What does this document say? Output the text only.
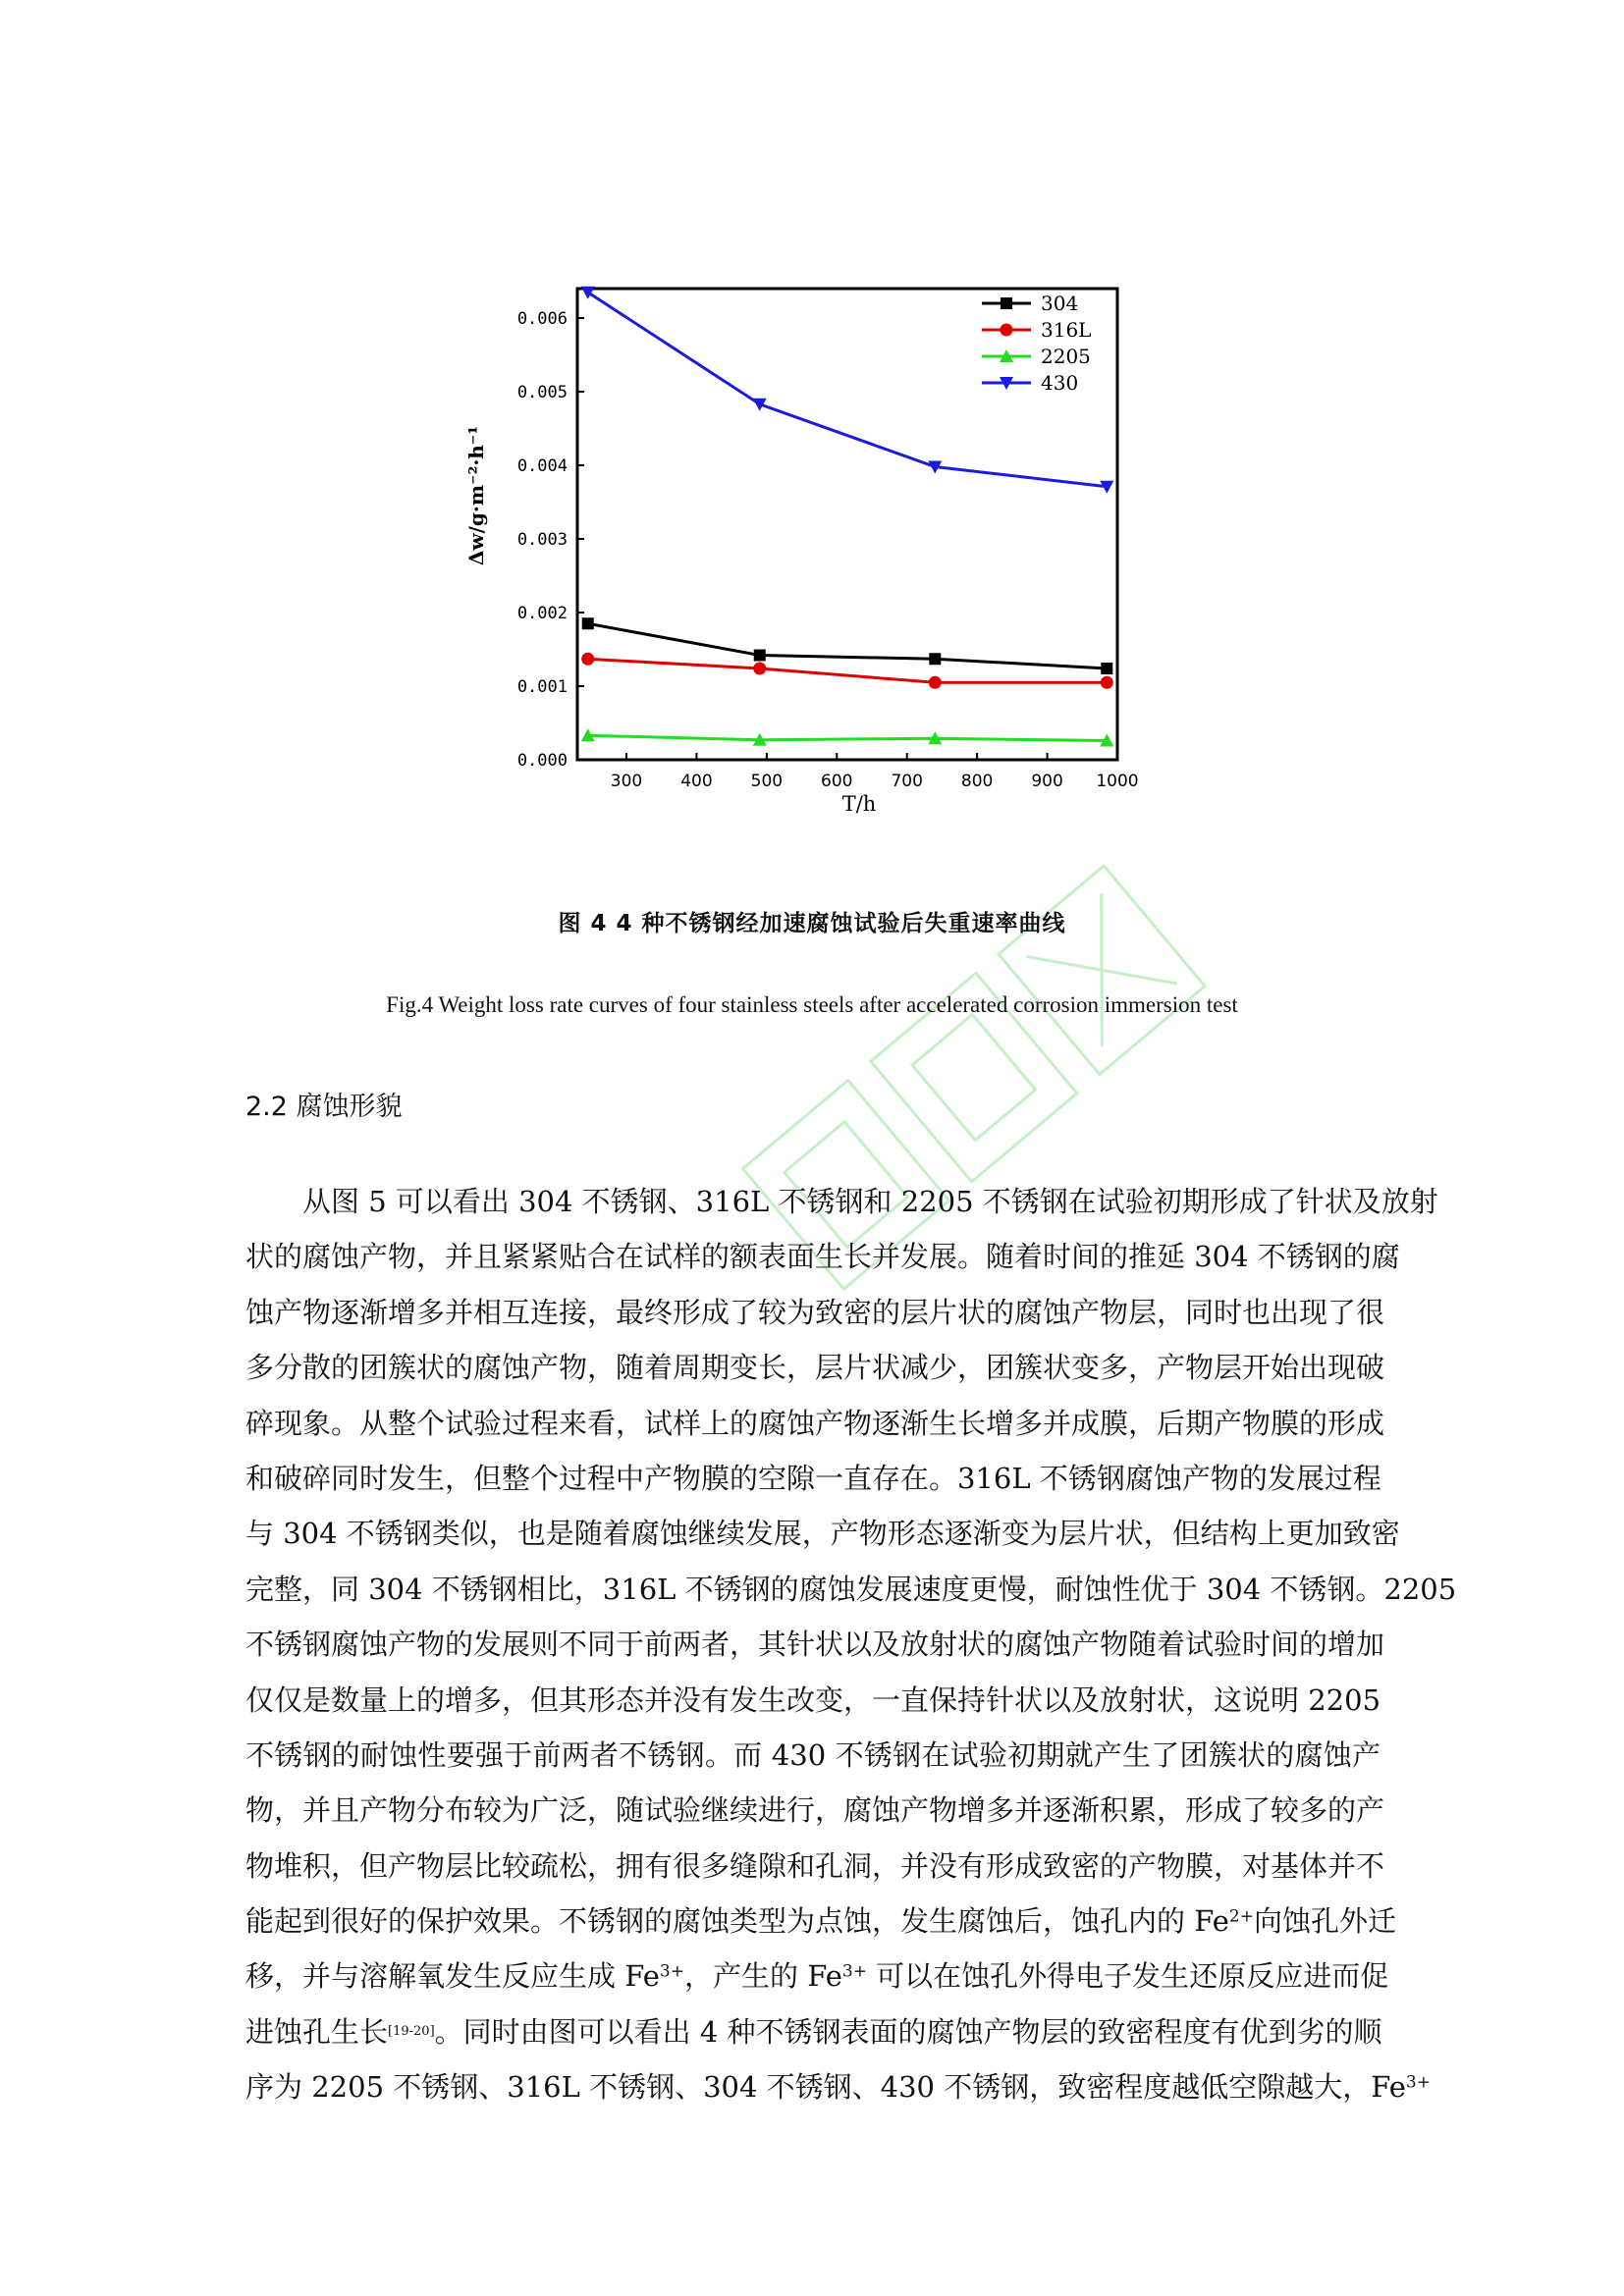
Δw/g·m⁻²·h⁻¹
300 400 500 600 700 800 900 1000
0.000
0.001
0.002
0.003
0.004
0.005
0.006
304
316L
2205
430
T/h
图 4 4 种不锈钢经加速腐蚀试验后失重速率曲线
Fig.4 Weight loss rate curves of four stainless steels after accelerated corrosion immersion test
2.2 腐蚀形貌
从图 5 可以看出 304 不锈钢、316L 不锈钢和 2205 不锈钢在试验初期形成了针状及放射
状的腐蚀产物，并且紧紧贴合在试样的额表面生长并发展。随着时间的推延 304 不锈钢的腐
蚀产物逐渐增多并相互连接，最终形成了较为致密的层片状的腐蚀产物层，同时也出现了很
多分散的团簇状的腐蚀产物，随着周期变长，层片状减少，团簇状变多，产物层开始出现破
碎现象。从整个试验过程来看，试样上的腐蚀产物逐渐生长增多并成膜，后期产物膜的形成
和破碎同时发生，但整个过程中产物膜的空隙一直存在。316L 不锈钢腐蚀产物的发展过程
与 304 不锈钢类似，也是随着腐蚀继续发展，产物形态逐渐变为层片状，但结构上更加致密
完整，同 304 不锈钢相比，316L 不锈钢的腐蚀发展速度更慢，耐蚀性优于 304 不锈钢。2205
不锈钢腐蚀产物的发展则不同于前两者，其针状以及放射状的腐蚀产物随着试验时间的增加
仅仅是数量上的增多，但其形态并没有发生改变，一直保持针状以及放射状，这说明 2205
不锈钢的耐蚀性要强于前两者不锈钢。而 430 不锈钢在试验初期就产生了团簇状的腐蚀产
物，并且产物分布较为广泛，随试验继续进行，腐蚀产物增多并逐渐积累，形成了较多的产
物堆积，但产物层比较疏松，拥有很多缝隙和孔洞，并没有形成致密的产物膜，对基体并不
能起到很好的保护效果。不锈钢的腐蚀类型为点蚀，发生腐蚀后，蚀孔内的 $Fe^{2+}$向蚀孔外迁
移，并与溶解氧发生反应生成 $Fe^{3+}$，产生的 $Fe^{3+}$ 可以在蚀孔外得电子发生还原反应进而促
进蚀孔生长[19-20]。同时由图可以看出 4 种不锈钢表面的腐蚀产物层的致密程度有优到劣的顺
序为 2205 不锈钢、316L 不锈钢、304 不锈钢、430 不锈钢，致密程度越低空隙越大，$Fe^{3+}$
